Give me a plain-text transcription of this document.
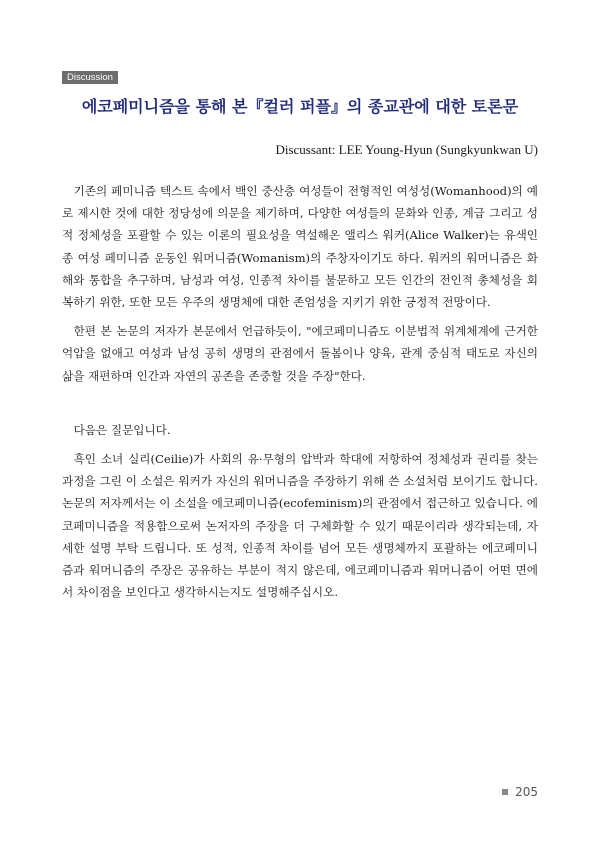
Discussion
에코페미니즘을 통해 본『컬러 퍼플』의 종교관에 대한 토론문
Discussant: LEE Young-Hyun (Sungkyunkwan U)

기존의 페미니즘 텍스트 속에서 백인 중산층 여성들이 전형적인 여성성(Womanhood)의 예로 제시한 것에 대한 정당성에 의문을 제기하며, 다양한 여성들의 문화와 인종, 계급 그리고 성적 정체성을 포괄할 수 있는 이론의 필요성을 역설해온 앨리스 워커(Alice Walker)는 유색인종 여성 페미니즘 운동인 워머니즘(Womanism)의 주창자이기도 하다. 워커의 워머니즘은 화해와 통합을 추구하며, 남성과 여성, 인종적 차이를 불문하고 모든 인간의 전인적 총체성을 회복하기 위한, 또한 모든 우주의 생명체에 대한 존엄성을 지키기 위한 긍정적 전망이다.

한편 본 논문의 저자가 본문에서 언급하듯이, "에코페미니즘도 이분법적 위계체계에 근거한 억압을 없애고 여성과 남성 공히 생명의 관점에서 돌봄이나 양육, 관계 중심적 태도로 자신의 삶을 재편하며 인간과 자연의 공존을 존중할 것을 주장"한다.

다음은 질문입니다.

흑인 소녀 실리(Ceilie)가 사회의 유·무형의 압박과 학대에 저항하여 정체성과 권리를 찾는 과정을 그린 이 소설은 워커가 자신의 워머니즘을 주장하기 위해 쓴 소설처럼 보이기도 합니다. 논문의 저자께서는 이 소설을 에코페미니즘(ecofeminism)의 관점에서 접근하고 있습니다. 에코페미니즘을 적용함으로써 논저자의 주장을 더 구체화할 수 있기 때문이리라 생각되는데, 자세한 설명 부탁 드립니다. 또 성적, 인종적 차이를 넘어 모든 생명체까지 포괄하는 에코페미니즘과 워머니즘의 주장은 공유하는 부분이 적지 않은데, 에코페미니즘과 워머니즘이 어떤 면에서 차이점을 보인다고 생각하시는지도 설명해주십시오.

205
